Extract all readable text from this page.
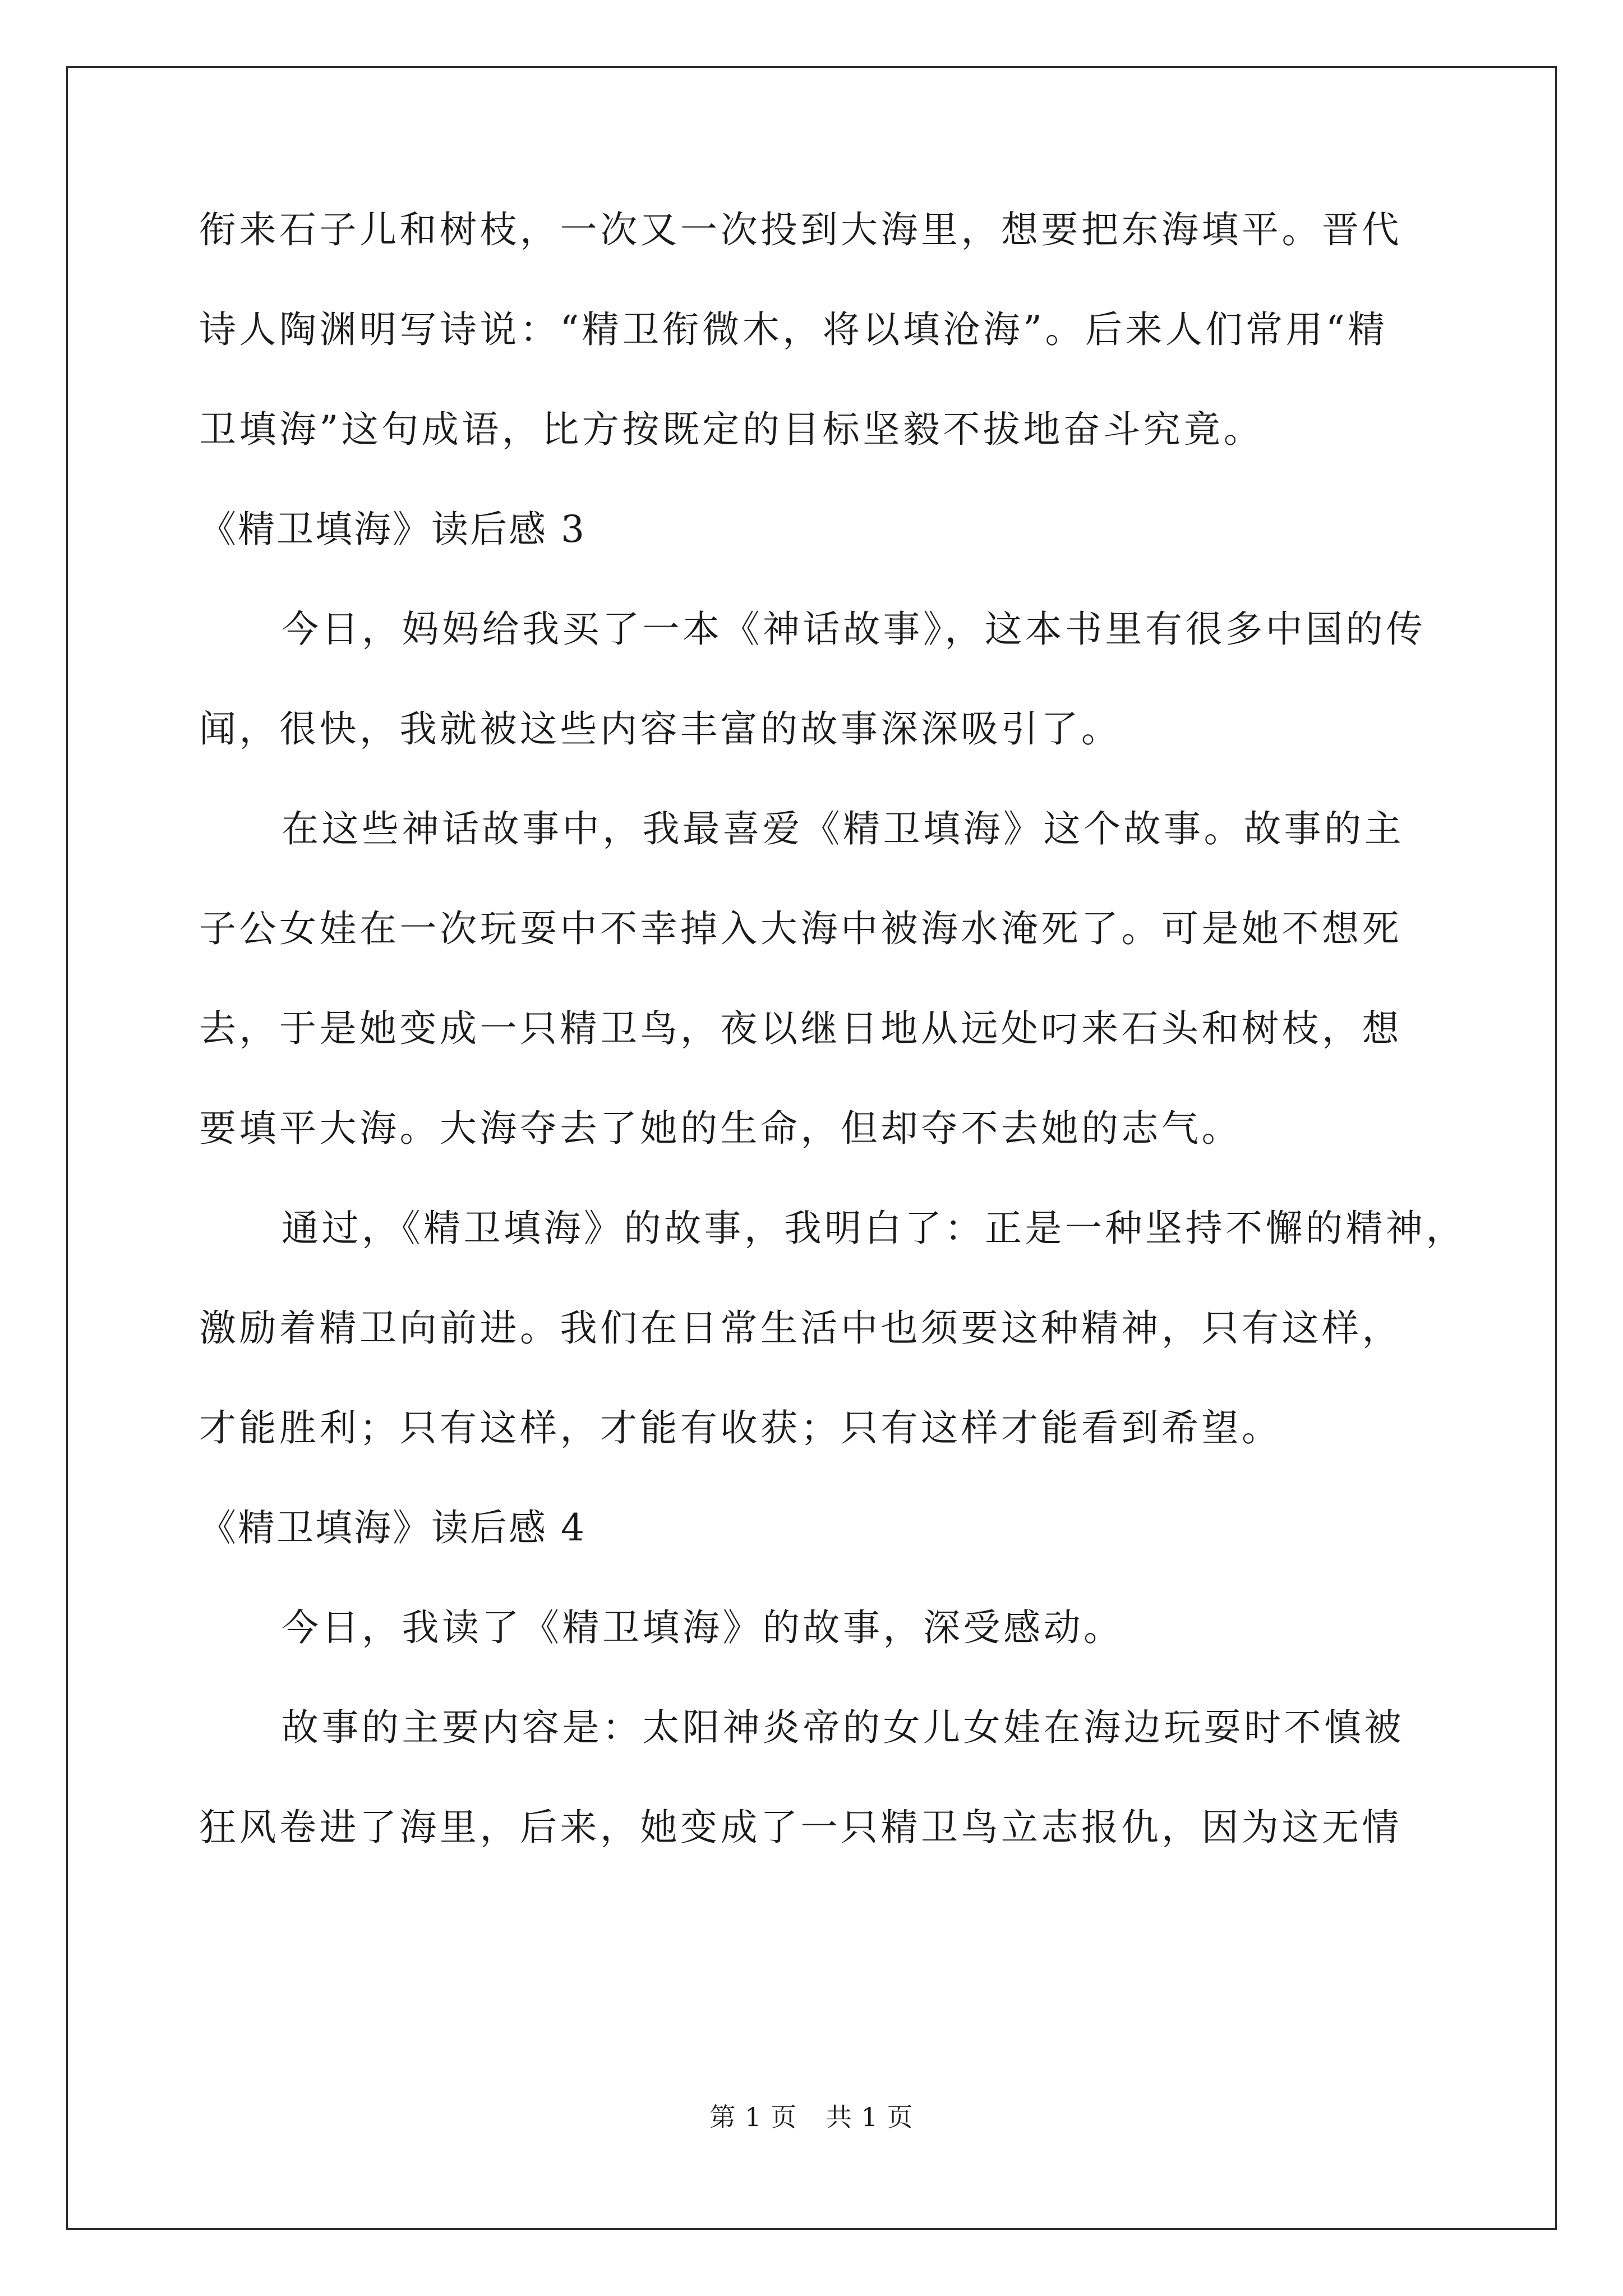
衔来石子儿和树枝，一次又一次投到大海里，想要把东海填平。晋代
诗人陶渊明写诗说：“精卫衔微木，将以填沧海”。后来人们常用“精
卫填海”这句成语，比方按既定的目标坚毅不拔地奋斗究竟。
《精卫填海》读后感 3
今日，妈妈给我买了一本《神话故事》，这本书里有很多中国的传
闻，很快，我就被这些内容丰富的故事深深吸引了。
在这些神话故事中，我最喜爱《精卫填海》这个故事。故事的主
子公女娃在一次玩耍中不幸掉入大海中被海水淹死了。可是她不想死
去，于是她变成一只精卫鸟，夜以继日地从远处叼来石头和树枝，想
要填平大海。大海夺去了她的生命，但却夺不去她的志气。
通过，《精卫填海》的故事，我明白了：正是一种坚持不懈的精神，
激励着精卫向前进。我们在日常生活中也须要这种精神，只有这样，
才能胜利；只有这样，才能有收获；只有这样才能看到希望。
《精卫填海》读后感 4
今日，我读了《精卫填海》的故事，深受感动。
故事的主要内容是：太阳神炎帝的女儿女娃在海边玩耍时不慎被
狂风卷进了海里，后来，她变成了一只精卫鸟立志报仇，因为这无情
第 1 页 共 1 页
